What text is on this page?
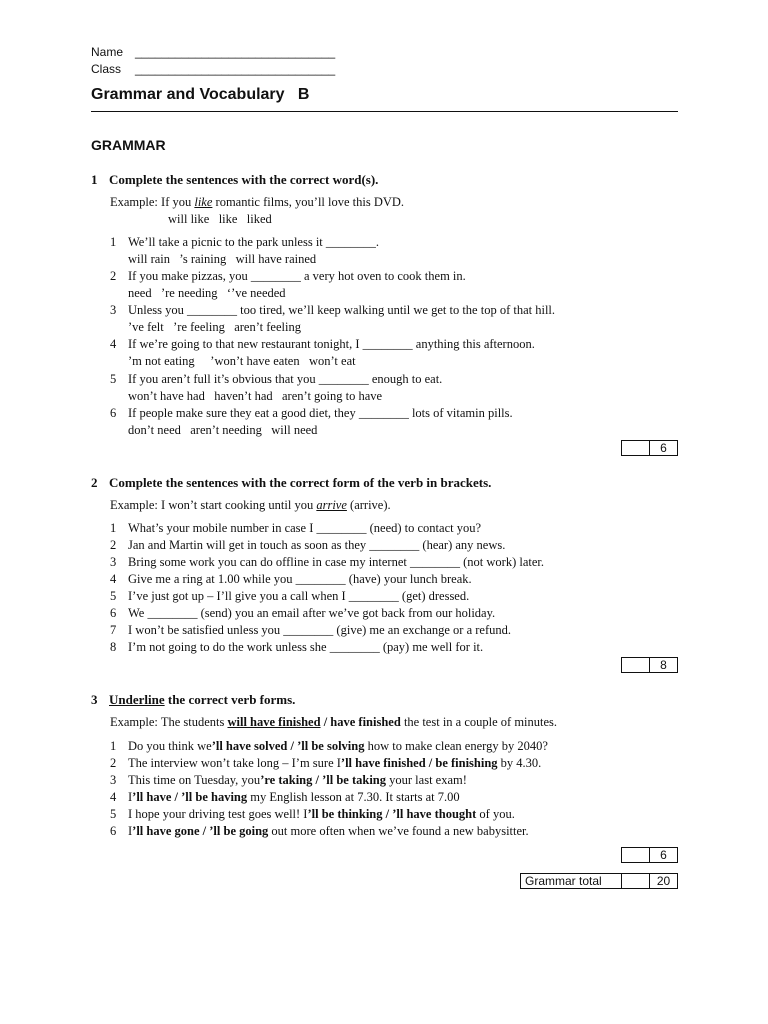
Name ______________________________
Class ______________________________
Grammar and Vocabulary   B
GRAMMAR
1 Complete the sentences with the correct word(s).
Example: If you like romantic films, you’ll love this DVD.
will like   like   liked
6
2 Complete the sentences with the correct form of the verb in brackets.
Example: I won’t start cooking until you arrive (arrive).
8
3 Underline the correct verb forms.
Example: The students will have finished / have finished the test in a couple of minutes.
6
Grammar total	20
1 We’ll take a picnic to the park unless it ________.
will rain   ’s raining   will have rained
2 If you make pizzas, you ________ a very hot oven to cook them in.
need   ’re needing   ‘’ve needed
3 Unless you ________ too tired, we’ll keep walking until we get to the top of that hill.
’ve felt   ’re feeling   aren’t feeling
4 If we’re going to that new restaurant tonight, I ________ anything this afternoon.
’m not eating     ’won’t have eaten   won’t eat
5 If you aren’t full it’s obvious that you ________ enough to eat.
won’t have had   haven’t had   aren’t going to have
6 If people make sure they eat a good diet, they ________ lots of vitamin pills.
don’t need   aren’t needing   will need
1 What’s your mobile number in case I ________ (need) to contact you?
2 Jan and Martin will get in touch as soon as they ________ (hear) any news.
3 Bring some work you can do offline in case my internet ________ (not work) later.
4 Give me a ring at 1.00 while you ________ (have) your lunch break.
5 I’ve just got up – I’ll give you a call when I ________ (get) dressed.
6 We ________ (send) you an email after we’ve got back from our holiday.
7 I won’t be satisfied unless you ________ (give) me an exchange or a refund.
8 I’m not going to do the work unless she ________ (pay) me well for it.
1 Do you think we’ll have solved / ’ll be solving how to make clean energy by 2040?
2 The interview won’t take long – I’m sure I’ll have finished / be finishing by 4.30.
3 This time on Tuesday, you’re taking / ’ll be taking your last exam!
4 I’ll have / ’ll be having my English lesson at 7.30. It starts at 7.00
5 I hope your driving test goes well! I’ll be thinking / ’ll have thought of you.
6 I’ll have gone / ’ll be going out more often when we’ve found a new babysitter.
